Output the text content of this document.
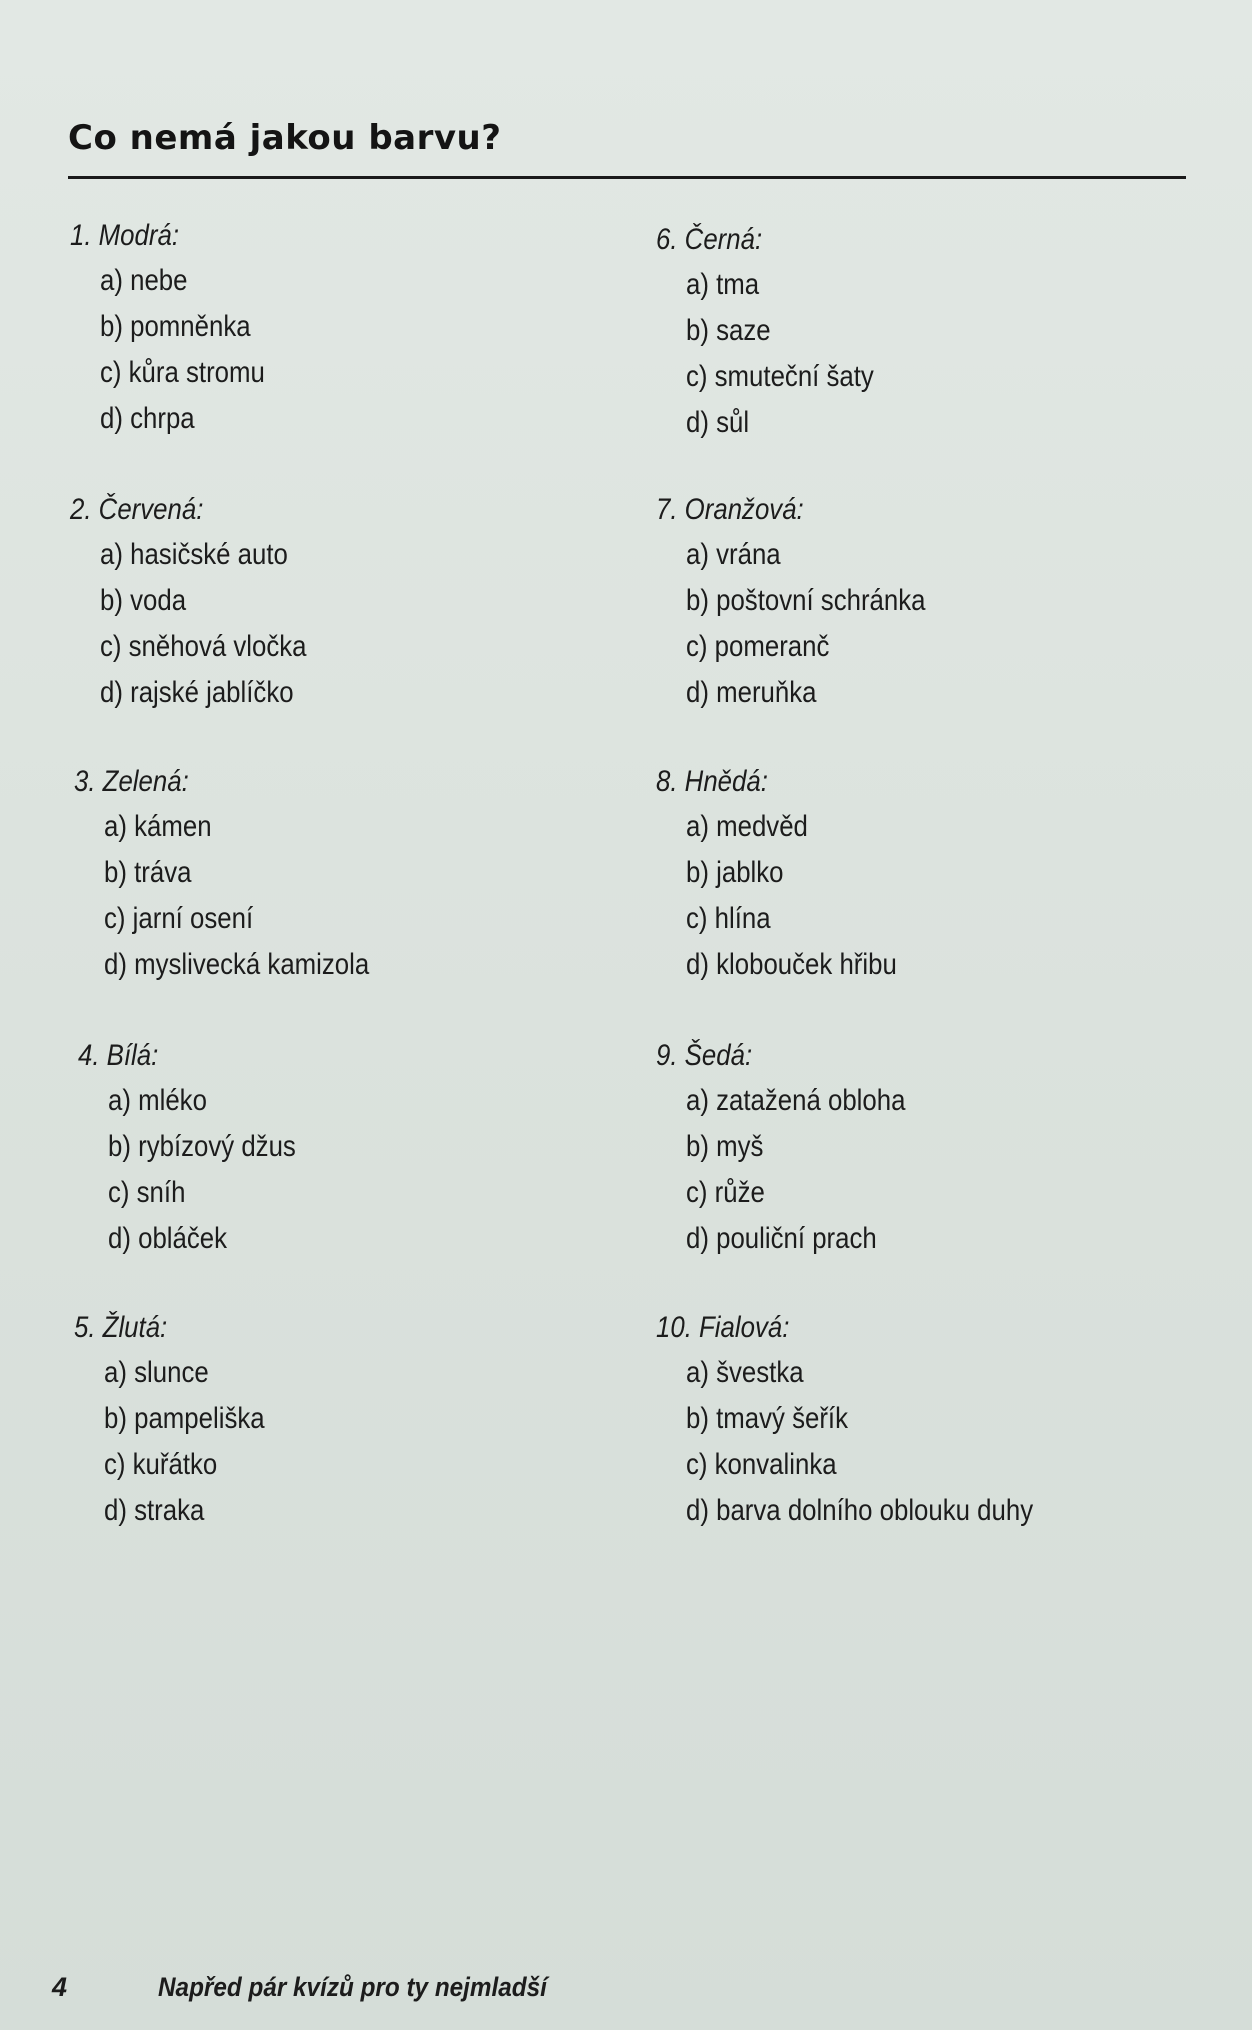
Co nemá jakou barvu?
1. Modrá:
a) nebe
b) pomněnka
c) kůra stromu
d) chrpa
2. Červená:
a) hasičské auto
b) voda
c) sněhová vločka
d) rajské jablíčko
3. Zelená:
a) kámen
b) tráva
c) jarní osení
d) myslivecká kamizola
4. Bílá:
a) mléko
b) rybízový džus
c) sníh
d) obláček
5. Žlutá:
a) slunce
b) pampeliška
c) kuřátko
d) straka
6. Černá:
a) tma
b) saze
c) smuteční šaty
d) sůl
7. Oranžová:
a) vrána
b) poštovní schránka
c) pomeranč
d) meruňka
8. Hnědá:
a) medvěd
b) jablko
c) hlína
d) klobouček hřibu
9. Šedá:
a) zatažená obloha
b) myš
c) růže
d) pouliční prach
10. Fialová:
a) švestka
b) tmavý šeřík
c) konvalinka
d) barva dolního oblouku duhy
4	Napřed pár kvízů pro ty nejmladší
